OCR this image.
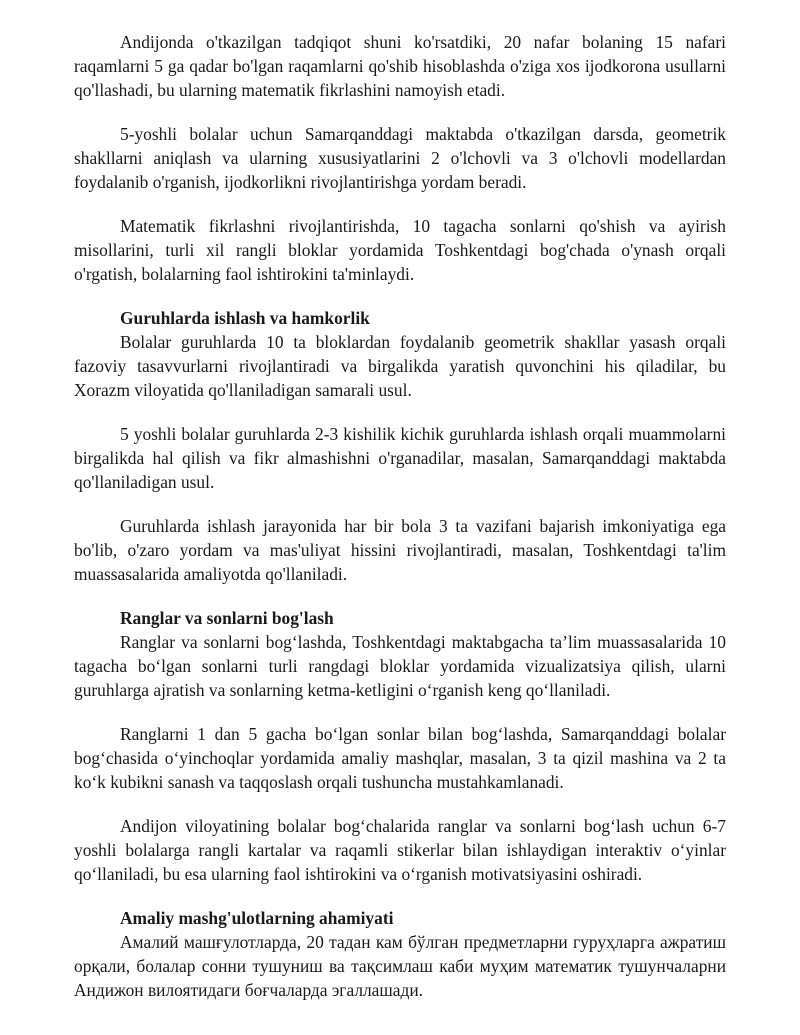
Andijonda o'tkazilgan tadqiqot shuni ko'rsatdiki, 20 nafar bolaning 15 nafari raqamlarni 5 ga qadar bo'lgan raqamlarni qo'shib hisoblashda o'ziga xos ijodkorona usullarni qo'llashadi, bu ularning matematik fikrlashini namoyish etadi.

5-yoshli bolalar uchun Samarqanddagi maktabda o'tkazilgan darsda, geometrik shakllarni aniqlash va ularning xususiyatlarini 2 o'lchovli va 3 o'lchovli modellardan foydalanib o'rganish, ijodkorlikni rivojlantirishga yordam beradi.

Matematik fikrlashni rivojlantirishda, 10 tagacha sonlarni qo'shish va ayirish misollarini, turli xil rangli bloklar yordamida Toshkentdagi bog'chada o'ynash orqali o'rgatish, bolalarning faol ishtirokini ta'minlaydi.

Guruhlarda ishlash va hamkorlik

Bolalar guruhlarda 10 ta bloklardan foydalanib geometrik shakllar yasash orqali fazoviy tasavvurlarni rivojlantiradi va birgalikda yaratish quvonchini his qiladilar, bu Xorazm viloyatida qo'llaniladigan samarali usul.

5 yoshli bolalar guruhlarda 2-3 kishilik kichik guruhlarda ishlash orqali muammolarni birgalikda hal qilish va fikr almashishni o'rganadilar, masalan, Samarqanddagi maktabda qo'llaniladigan usul.

Guruhlarda ishlash jarayonida har bir bola 3 ta vazifani bajarish imkoniyatiga ega bo'lib, o'zaro yordam va mas'uliyat hissini rivojlantiradi, masalan, Toshkentdagi ta'lim muassasalarida amaliyotda qo'llaniladi.

Ranglar va sonlarni bog'lash

Ranglar va sonlarni bog‘lashda, Toshkentdagi maktabgacha ta’lim muassasalarida 10 tagacha bo‘lgan sonlarni turli rangdagi bloklar yordamida vizualizatsiya qilish, ularni guruhlarga ajratish va sonlarning ketma-ketligini o‘rganish keng qo‘llaniladi.

Ranglarni 1 dan 5 gacha bo‘lgan sonlar bilan bog‘lashda, Samarqanddagi bolalar bog‘chasida o‘yinchoqlar yordamida amaliy mashqlar, masalan, 3 ta qizil mashina va 2 ta ko‘k kubikni sanash va taqqoslash orqali tushuncha mustahkamlanadi.

Andijon viloyatining bolalar bog‘chalarida ranglar va sonlarni bog‘lash uchun 6-7 yoshli bolalarga rangli kartalar va raqamli stikerlar bilan ishlaydigan interaktiv o‘yinlar qo‘llaniladi, bu esa ularning faol ishtirokini va o‘rganish motivatsiyasini oshiradi.

Amaliy mashg'ulotlarning ahamiyati

Амалий машғулотларда, 20 тадан кам бўлган предметларни гуруҳларга ажратиш орқали, болалар сонни тушуниш ва тақсимлаш каби муҳим математик тушунчаларни Андижон вилоятидаги боғчаларда эгаллашади.
